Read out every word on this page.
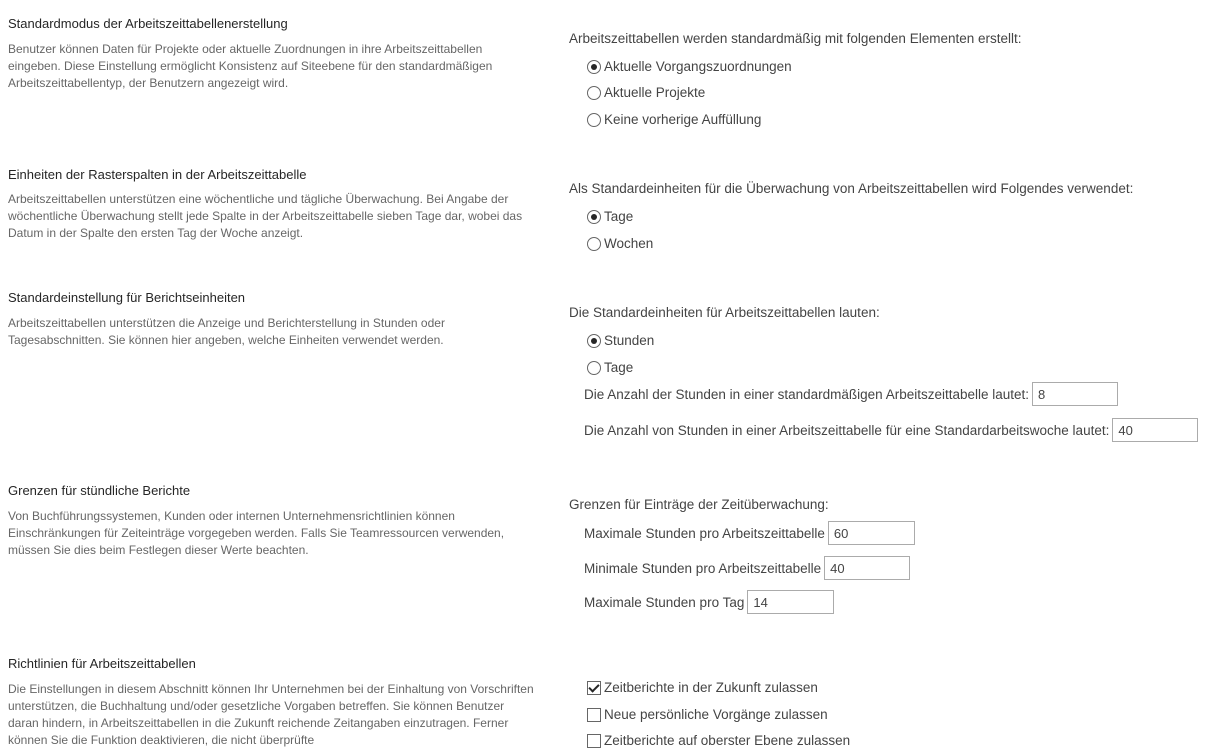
Standardmodus der Arbeitszeittabellenerstellung
Benutzer können Daten für Projekte oder aktuelle Zuordnungen in ihre Arbeitszeittabellen eingeben. Diese Einstellung ermöglicht Konsistenz auf Siteebene für den standardmäßigen Arbeitszeittabellentyp, der Benutzern angezeigt wird.
Arbeitszeittabellen werden standardmäßig mit folgenden Elementen erstellt:
Aktuelle Vorgangszuordnungen
Aktuelle Projekte
Keine vorherige Auffüllung
Einheiten der Rasterspalten in der Arbeitszeittabelle
Arbeitszeittabellen unterstützen eine wöchentliche und tägliche Überwachung. Bei Angabe der wöchentliche Überwachung stellt jede Spalte in der Arbeitszeittabelle sieben Tage dar, wobei das Datum in der Spalte den ersten Tag der Woche anzeigt.
Als Standardeinheiten für die Überwachung von Arbeitszeittabellen wird Folgendes verwendet:
Tage
Wochen
Standardeinstellung für Berichtseinheiten
Arbeitszeittabellen unterstützen die Anzeige und Berichterstellung in Stunden oder Tagesabschnitten. Sie können hier angeben, welche Einheiten verwendet werden.
Die Standardeinheiten für Arbeitszeittabellen lauten:
Stunden
Tage
Die Anzahl der Stunden in einer standardmäßigen Arbeitszeittabelle lautet:
8
Die Anzahl von Stunden in einer Arbeitszeittabelle für eine Standardarbeitswoche lautet:
40
Grenzen für stündliche Berichte
Von Buchführungssystemen, Kunden oder internen Unternehmensrichtlinien können Einschränkungen für Zeiteinträge vorgegeben werden. Falls Sie Teamressourcen verwenden, müssen Sie dies beim Festlegen dieser Werte beachten.
Grenzen für Einträge der Zeitüberwachung:
Maximale Stunden pro Arbeitszeittabelle
60
Minimale Stunden pro Arbeitszeittabelle
40
Maximale Stunden pro Tag
14
Richtlinien für Arbeitszeittabellen
Die Einstellungen in diesem Abschnitt können Ihr Unternehmen bei der Einhaltung von Vorschriften unterstützen, die Buchhaltung und/oder gesetzliche Vorgaben betreffen. Sie können Benutzer daran hindern, in Arbeitszeittabellen in die Zukunft reichende Zeitangaben einzutragen. Ferner können Sie die Funktion deaktivieren, die nicht überprüfte
Zeitberichte in der Zukunft zulassen
Neue persönliche Vorgänge zulassen
Zeitberichte auf oberster Ebene zulassen
